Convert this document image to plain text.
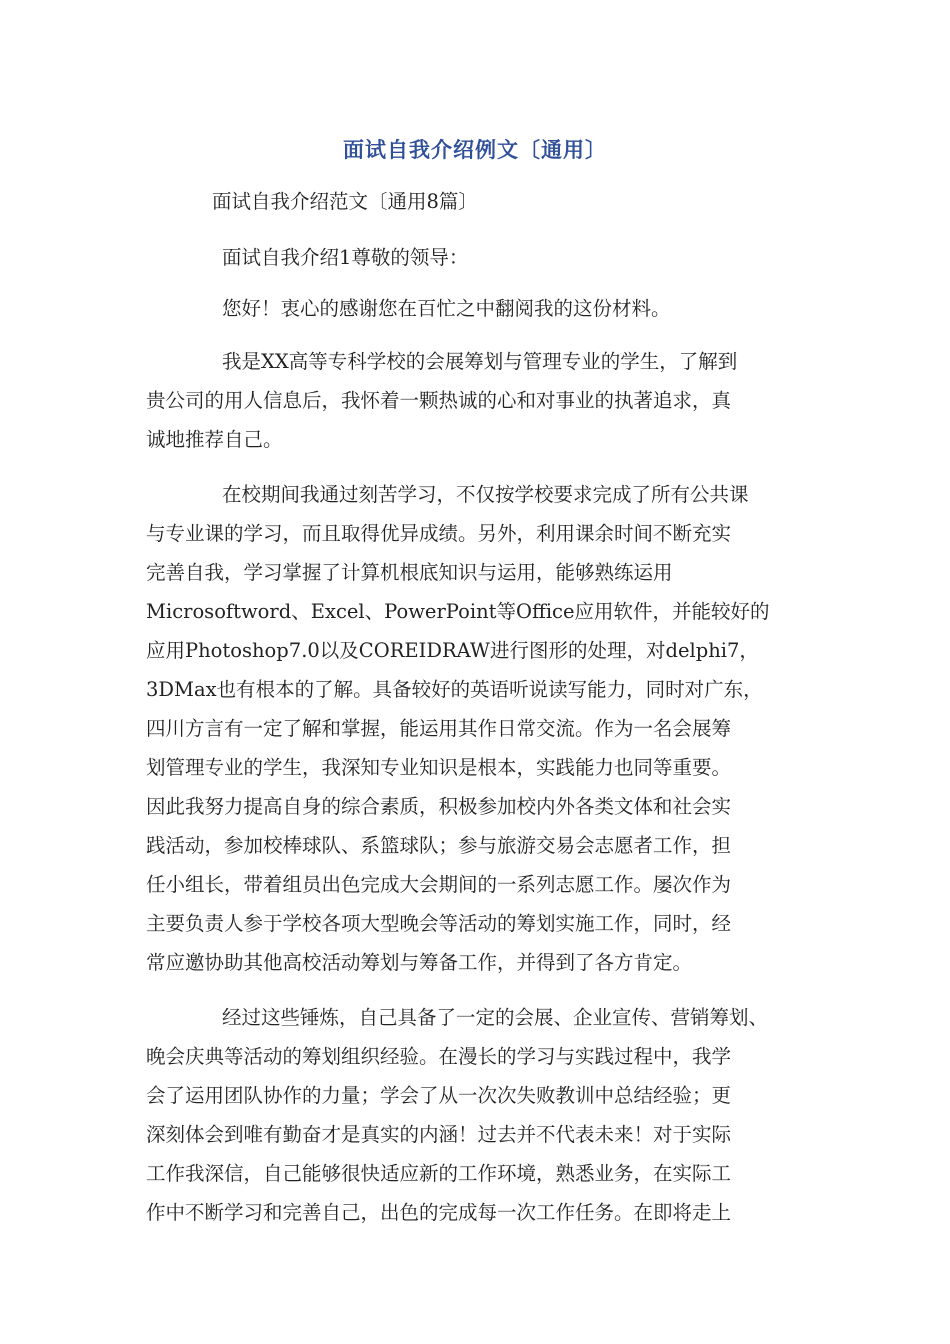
面试自我介绍例文〔通用〕
面试自我介绍范文〔通用8篇〕
面试自我介绍1尊敬的领导：
您好！衷心的感谢您在百忙之中翻阅我的这份材料。
我是XX高等专科学校的会展筹划与管理专业的学生，了解到
贵公司的用人信息后，我怀着一颗热诚的心和对事业的执著追求，真
诚地推荐自己。
在校期间我通过刻苦学习，不仅按学校要求完成了所有公共课
与专业课的学习，而且取得优异成绩。另外，利用课余时间不断充实
完善自我，学习掌握了计算机根底知识与运用，能够熟练运用
Microsoftword、Excel、PowerPoint等Office应用软件，并能较好的
应用Photoshop7.0以及COREIDRAW进行图形的处理，对delphi7，
3DMax也有根本的了解。具备较好的英语听说读写能力，同时对广东，
四川方言有一定了解和掌握，能运用其作日常交流。作为一名会展筹
划管理专业的学生，我深知专业知识是根本，实践能力也同等重要。
因此我努力提高自身的综合素质，积极参加校内外各类文体和社会实
践活动，参加校棒球队、系篮球队；参与旅游交易会志愿者工作，担
任小组长，带着组员出色完成大会期间的一系列志愿工作。屡次作为
主要负责人参于学校各项大型晚会等活动的筹划实施工作，同时，经
常应邀协助其他高校活动筹划与筹备工作，并得到了各方肯定。
经过这些锤炼，自己具备了一定的会展、企业宣传、营销筹划、
晚会庆典等活动的筹划组织经验。在漫长的学习与实践过程中，我学
会了运用团队协作的力量；学会了从一次次失败教训中总结经验；更
深刻体会到唯有勤奋才是真实的内涵！过去并不代表未来！对于实际
工作我深信，自己能够很快适应新的工作环境，熟悉业务，在实际工
作中不断学习和完善自己，出色的完成每一次工作任务。在即将走上
